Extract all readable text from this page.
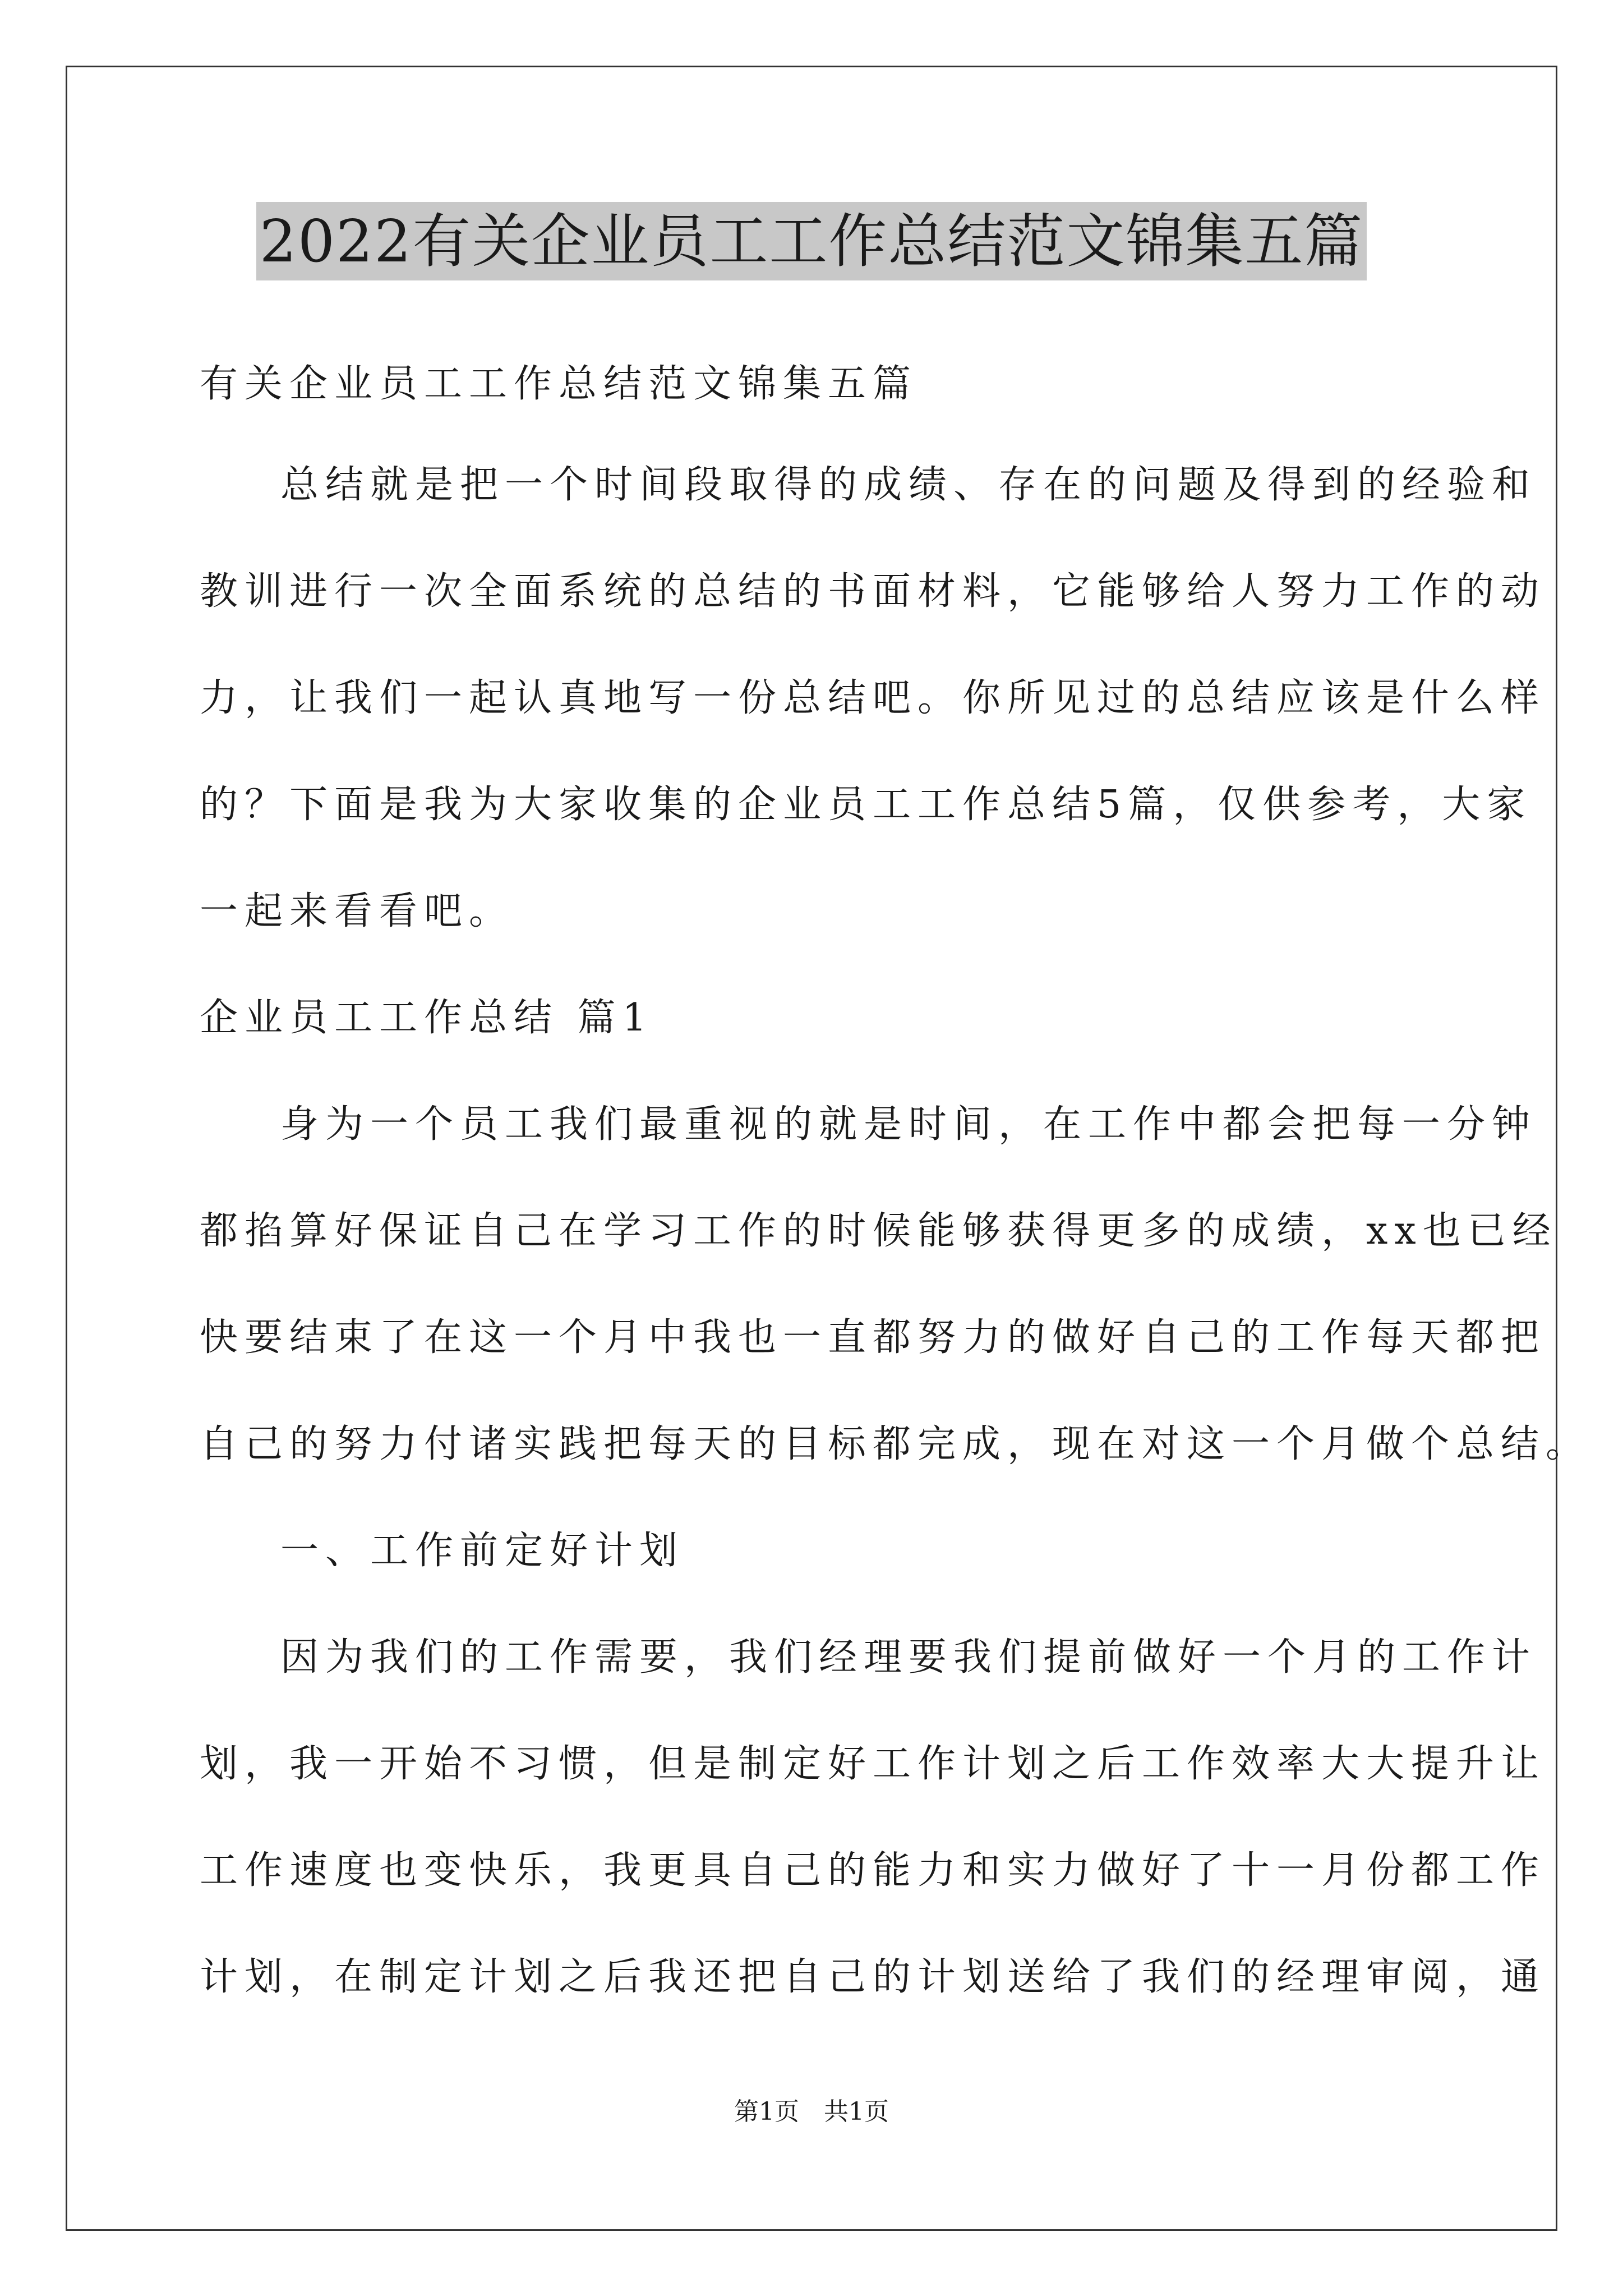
2022有关企业员工工作总结范文锦集五篇
有关企业员工工作总结范文锦集五篇
总结就是把一个时间段取得的成绩、存在的问题及得到的经验和
教训进行一次全面系统的总结的书面材料，它能够给人努力工作的动
力，让我们一起认真地写一份总结吧。你所见过的总结应该是什么样
的？下面是我为大家收集的企业员工工作总结5篇，仅供参考，大家
一起来看看吧。
企业员工工作总结 篇1
身为一个员工我们最重视的就是时间，在工作中都会把每一分钟
都掐算好保证自己在学习工作的时候能够获得更多的成绩，xx也已经
快要结束了在这一个月中我也一直都努力的做好自己的工作每天都把
自己的努力付诸实践把每天的目标都完成，现在对这一个月做个总结。
一、工作前定好计划
因为我们的工作需要，我们经理要我们提前做好一个月的工作计
划，我一开始不习惯，但是制定好工作计划之后工作效率大大提升让
工作速度也变快乐，我更具自己的能力和实力做好了十一月份都工作
计划，在制定计划之后我还把自己的计划送给了我们的经理审阅，通
第1页　共1页
